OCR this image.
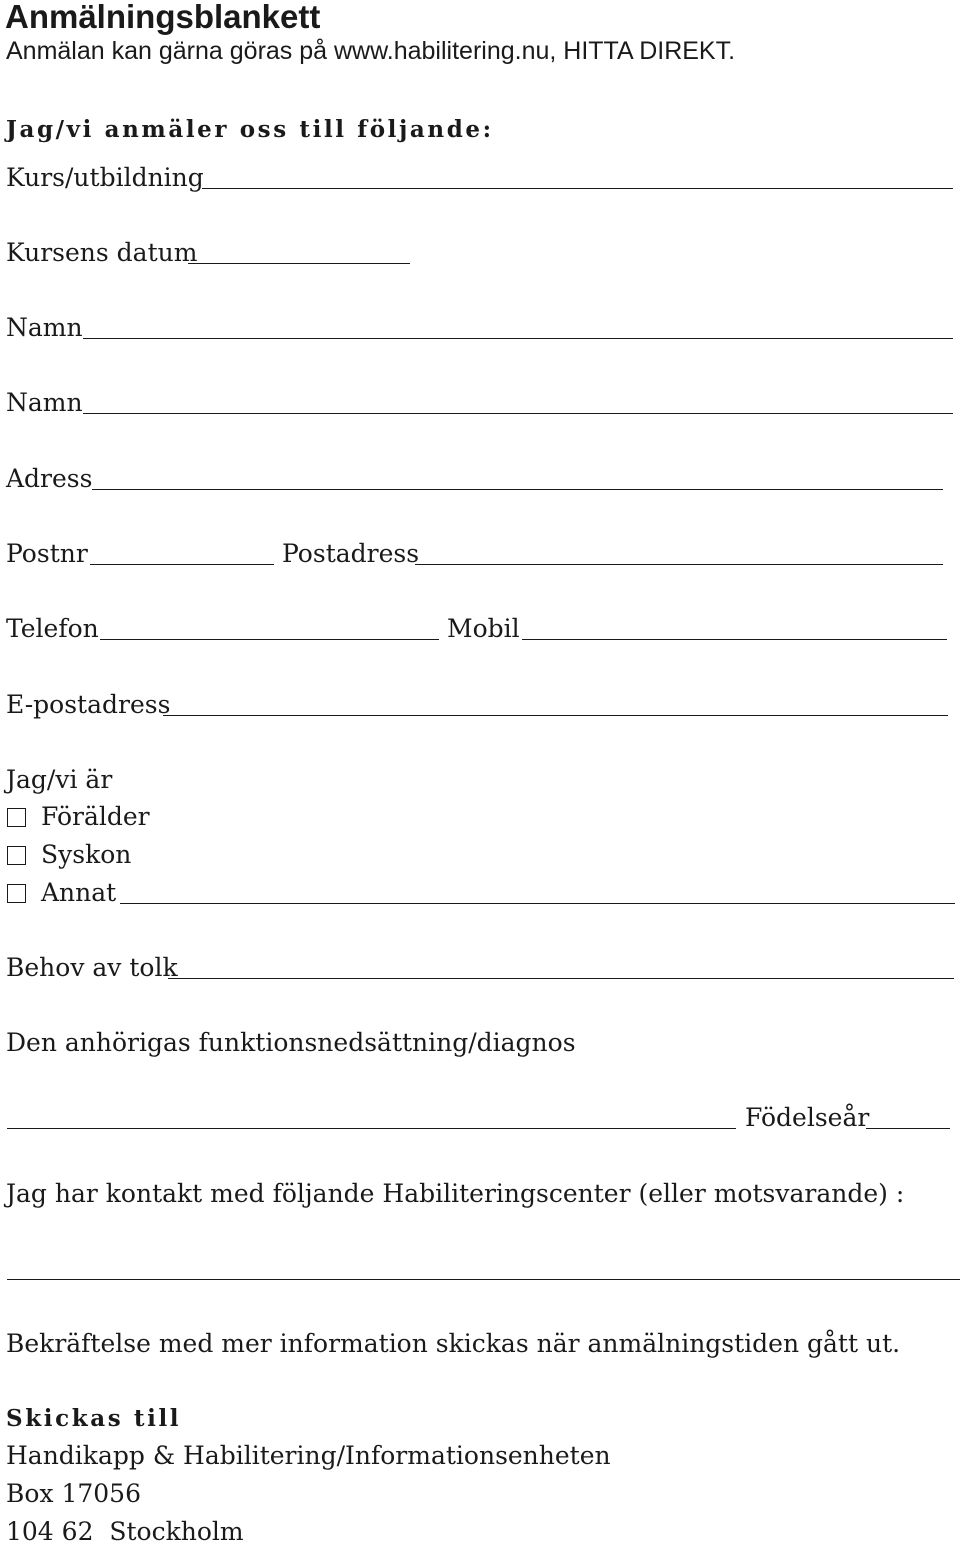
Anmälningsblankett
Anmälan kan gärna göras på www.habilitering.nu, HITTA DIREKT.
Jag/vi anmäler oss till följande:
Kurs/utbildning
Kursens datum
Namn
Namn
Adress
Postnr	Postadress
Telefon	Mobil
E-postadress
Jag/vi är
Förälder
Syskon
Annat
Behov av tolk
Den anhörigas funktionsnedsättning/diagnos
Födelseår
Jag har kontakt med följande Habiliteringscenter (eller motsvarande) :
Bekräftelse med mer information skickas när anmälningstiden gått ut.
Skickas till
Handikapp & Habilitering/Informationsenheten
Box 17056
104 62  Stockholm
